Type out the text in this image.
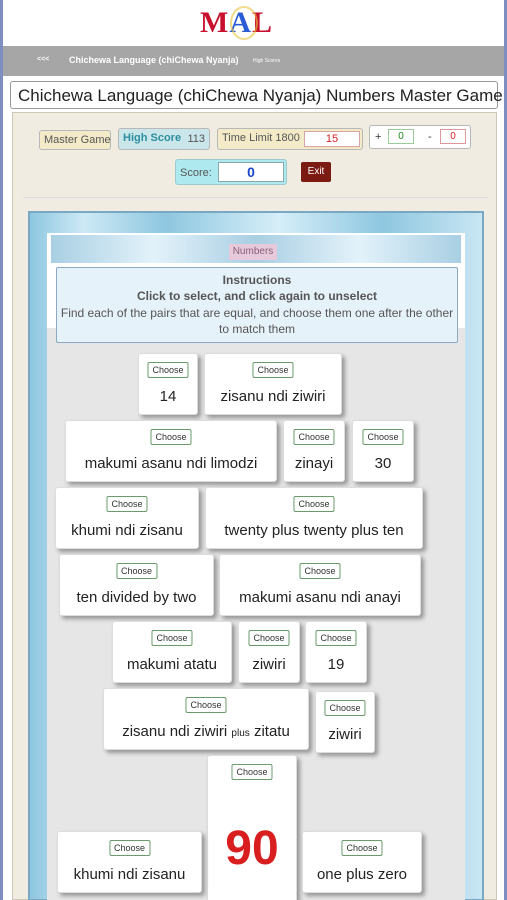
MAL
<<< Chichewa Language (chiChewa Nyanja)	High Scores
Chichewa Language (chiChewa Nyanja) Numbers Master Game
Master Game	High Score 113	Time Limit 1800	15	+	0	-	0
Score:	0	Exit
Numbers
Instructions
Click to select, and click again to unselect
Find each of the pairs that are equal, and choose them one after the other to match them
Choose
14
Choose
zisanu ndi ziwiri
Choose
makumi asanu ndi limodzi
Choose
zinayi
Choose
30
Choose
khumi ndi zisanu
Choose
twenty plus twenty plus ten
Choose
ten divided by two
Choose
makumi asanu ndi anayi
Choose
makumi atatu
Choose
ziwiri
Choose
19
Choose
zisanu ndi ziwiri plus zitatu
Choose
ziwiri
Choose
90
Choose
khumi ndi zisanu
Choose
one plus zero
